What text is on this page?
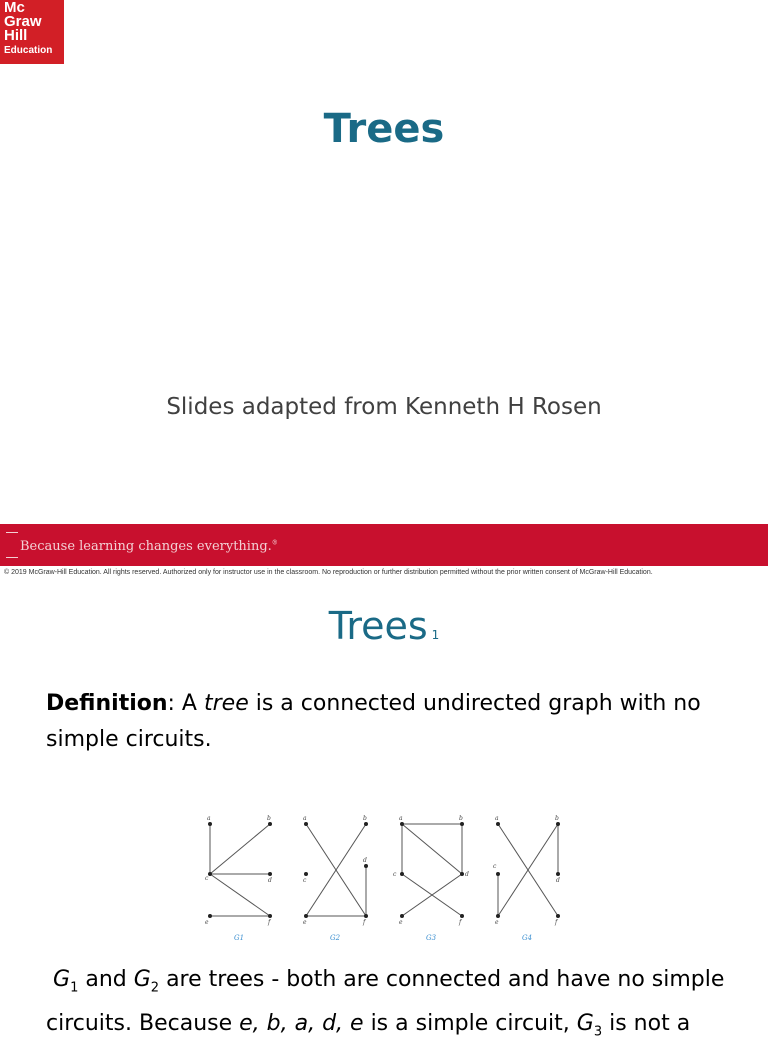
Mc
Graw
Hill
Education
Trees
Slides adapted from Kenneth H Rosen
Because learning changes everything.®
© 2019 McGraw-Hill Education. All rights reserved. Authorized only for instructor use in the classroom. No reproduction or further distribution permitted without the prior written consent of McGraw-Hill Education.
Trees 1
Definition: A tree is a connected undirected graph with no simple circuits.
a	b
c	d
e	f
a	b
c
d
e	f
a	b
c	d
e	f
a	b
c
d
e	f
G1	G2	G3	G4
$G_1$ and $G_2$ are trees - both are connected and have no simple
circuits. Because e, b, a, d, e is a simple circuit, $G_3$ is not a
